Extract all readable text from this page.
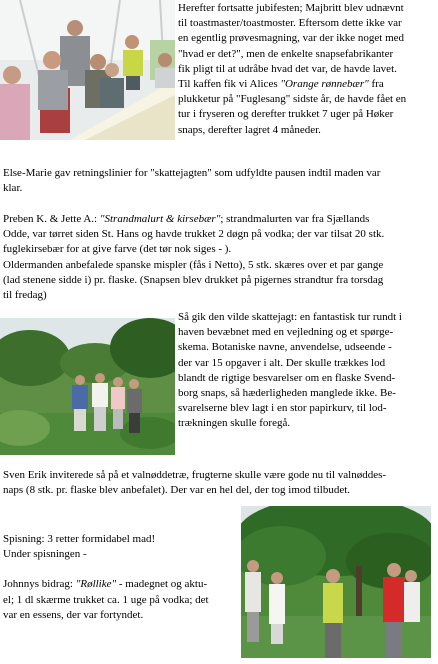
Herefter fortsatte jubifesten; Majbritt blev udnævnt

til toastmaster/toastmoster. Eftersom dette ikke var

en egentlig prøvesmagning, var der ikke noget med

"hvad er det?", men de enkelte snapsefabrikanter

fik pligt til at udråbe hvad det var, de havde lavet.

Til kaffen fik vi Alices "Orange rønnebær" fra

plukketur på "Fuglesang" sidste år, de havde fået en

tur i fryseren og derefter trukket 7 uger på Høker

snaps, derefter lagret 4 måneder.

Else-Marie gav retningslinier for "skattejagten" som udfyldte pausen indtil maden var

klar.

Preben K. & Jette A.: "Strandmalurt & kirsebær"; strandmalurten var fra Sjællands

Odde, var tørret siden St. Hans og havde trukket 2 døgn på vodka; der var tilsat 20 stk.

fuglekirsebær for at give farve (det tør nok siges - ).

Oldermanden anbefalede spanske mispler (fås i Netto), 5 stk. skæres over et par gange

(lad stenene sidde i) pr. flaske. (Snapsen blev drukket på pigernes strandtur fra torsdag

til fredag)

Så gik den vilde skattejagt: en fantastisk tur rundt i

haven bevæbnet med en vejledning og et spørge-

skema. Botaniske navne, anvendelse, udseende -

der var 15 opgaver i alt. Der skulle trækkes lod

blandt de rigtige besvarelser om en flaske Svend-

borg snaps, så hæderligheden manglede ikke. Be-

svarelserne blev lagt i en stor papirkurv, til lod-

trækningen skulle foregå.

Sven Erik inviterede så på et valnøddetræ, frugterne skulle være gode nu til valnøddes-

naps (8 stk. pr. flaske blev anbefalet). Der var en hel del, der tog imod tilbudet.

Spisning: 3 retter formidabel mad!

Under spisningen -

Johnnys bidrag: "Røllike" - madegnet og aktu-

el; 1 dl skærme trukket ca. 1 uge på vodka; det

var en essens, der var fortyndet.
